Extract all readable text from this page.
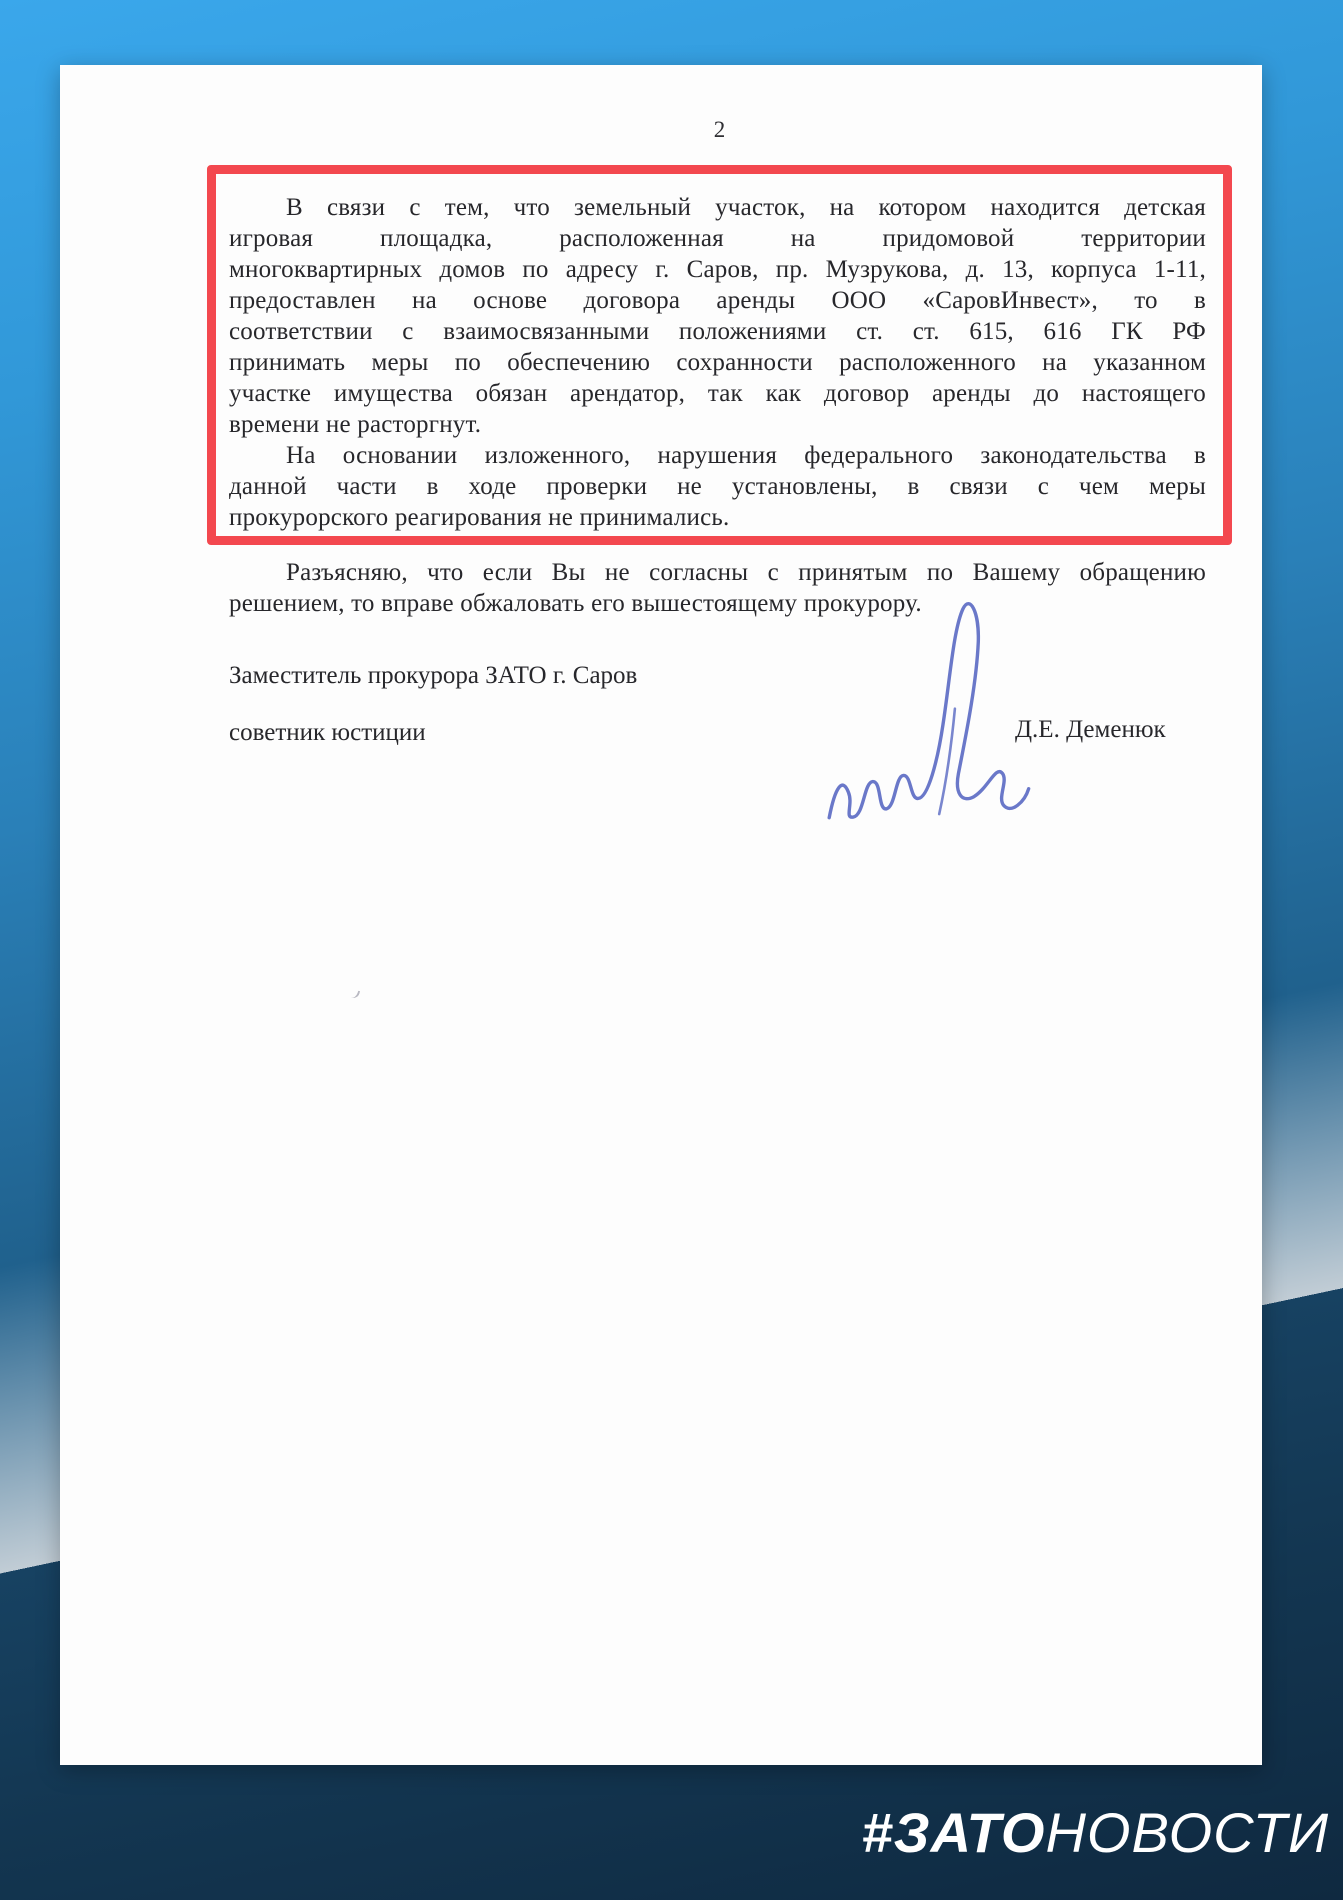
2
В связи с тем, что земельный участок, на котором находится детская
игровая площадка, расположенная на придомовой территории
многоквартирных домов по адресу г. Саров, пр. Музрукова, д. 13, корпуса 1-11,
предоставлен на основе договора аренды ООО «СаровИнвест», то в
соответствии с взаимосвязанными положениями ст. ст. 615, 616 ГК РФ
принимать меры по обеспечению сохранности расположенного на указанном
участке имущества обязан арендатор, так как договор аренды до настоящего
времени не расторгнут.
На основании изложенного, нарушения федерального законодательства в
данной части в ходе проверки не установлены, в связи с чем меры
прокурорского реагирования не принимались.
Разъясняю, что если Вы не согласны с принятым по Вашему обращению
решением, то вправе обжаловать его вышестоящему прокурору.
Заместитель прокурора ЗАТО г. Саров
советник юстиции	Д.Е. Деменюк
#ЗАТОНОВОСТИ
